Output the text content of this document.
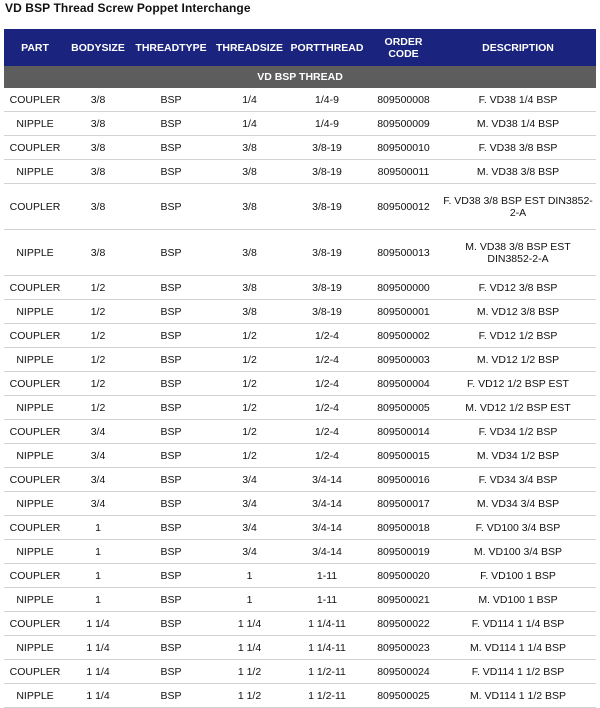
VD BSP Thread Screw Poppet Interchange
PART	BODYSIZE	THREADTYPE	THREADSIZE	PORTTHREAD	ORDER CODE	DESCRIPTION
VD BSP THREAD						
COUPLER	3/8	BSP	1/4	1/4-9	809500008	F. VD38 1/4 BSP
NIPPLE	3/8	BSP	1/4	1/4-9	809500009	M. VD38 1/4 BSP
COUPLER	3/8	BSP	3/8	3/8-19	809500010	F. VD38 3/8 BSP
NIPPLE	3/8	BSP	3/8	3/8-19	809500011	M. VD38 3/8 BSP
COUPLER	3/8	BSP	3/8	3/8-19	809500012	F. VD38 3/8 BSP EST DIN3852-2-A
NIPPLE	3/8	BSP	3/8	3/8-19	809500013	M. VD38 3/8 BSP EST DIN3852-2-A
COUPLER	1/2	BSP	3/8	3/8-19	809500000	F. VD12 3/8 BSP
NIPPLE	1/2	BSP	3/8	3/8-19	809500001	M. VD12 3/8 BSP
COUPLER	1/2	BSP	1/2	1/2-4	809500002	F. VD12 1/2 BSP
NIPPLE	1/2	BSP	1/2	1/2-4	809500003	M. VD12 1/2 BSP
COUPLER	1/2	BSP	1/2	1/2-4	809500004	F. VD12 1/2 BSP EST
NIPPLE	1/2	BSP	1/2	1/2-4	809500005	M. VD12 1/2 BSP EST
COUPLER	3/4	BSP	1/2	1/2-4	809500014	F. VD34 1/2 BSP
NIPPLE	3/4	BSP	1/2	1/2-4	809500015	M. VD34 1/2 BSP
COUPLER	3/4	BSP	3/4	3/4-14	809500016	F. VD34 3/4 BSP
NIPPLE	3/4	BSP	3/4	3/4-14	809500017	M. VD34 3/4 BSP
COUPLER	1	BSP	3/4	3/4-14	809500018	F. VD100 3/4 BSP
NIPPLE	1	BSP	3/4	3/4-14	809500019	M. VD100 3/4 BSP
COUPLER	1	BSP	1	1-11	809500020	F. VD100 1 BSP
NIPPLE	1	BSP	1	1-11	809500021	M. VD100 1 BSP
COUPLER	1 1/4	BSP	1 1/4	1 1/4-11	809500022	F. VD114 1 1/4 BSP
NIPPLE	1 1/4	BSP	1 1/4	1 1/4-11	809500023	M. VD114 1 1/4 BSP
COUPLER	1 1/4	BSP	1 1/2	1 1/2-11	809500024	F. VD114 1 1/2 BSP
NIPPLE	1 1/4	BSP	1 1/2	1 1/2-11	809500025	M. VD114 1 1/2 BSP
